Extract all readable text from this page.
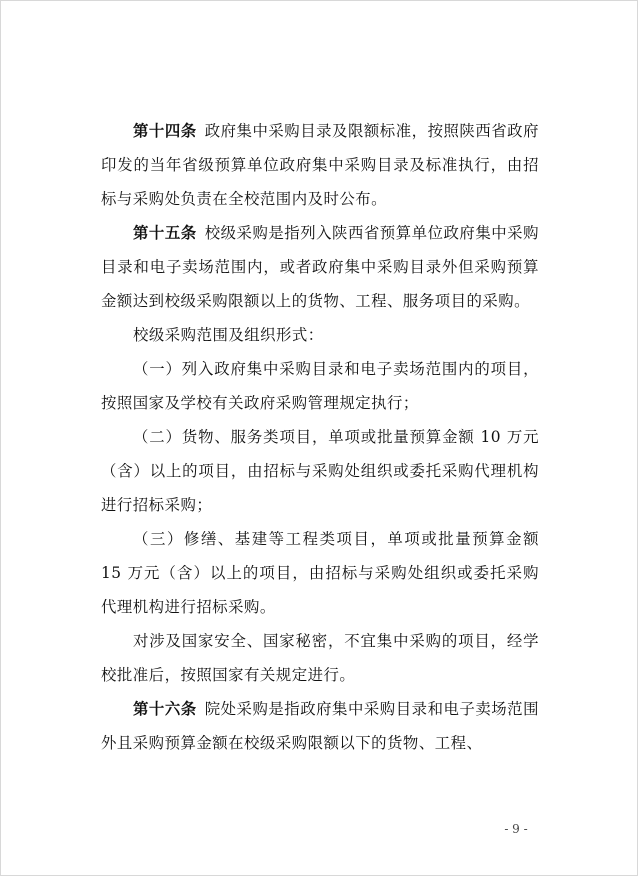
第十四条 政府集中采购目录及限额标准，按照陕西省政府印发的当年省级预算单位政府集中采购目录及标准执行，由招标与采购处负责在全校范围内及时公布。

第十五条 校级采购是指列入陕西省预算单位政府集中采购目录和电子卖场范围内，或者政府集中采购目录外但采购预算金额达到校级采购限额以上的货物、工程、服务项目的采购。

校级采购范围及组织形式：

（一）列入政府集中采购目录和电子卖场范围内的项目，按照国家及学校有关政府采购管理规定执行；

（二）货物、服务类项目，单项或批量预算金额 10 万元（含）以上的项目，由招标与采购处组织或委托采购代理机构进行招标采购；

（三）修缮、基建等工程类项目，单项或批量预算金额 15 万元（含）以上的项目，由招标与采购处组织或委托采购代理机构进行招标采购。

对涉及国家安全、国家秘密，不宜集中采购的项目，经学校批准后，按照国家有关规定进行。

第十六条 院处采购是指政府集中采购目录和电子卖场范围外且采购预算金额在校级采购限额以下的货物、工程、

- 9 -
